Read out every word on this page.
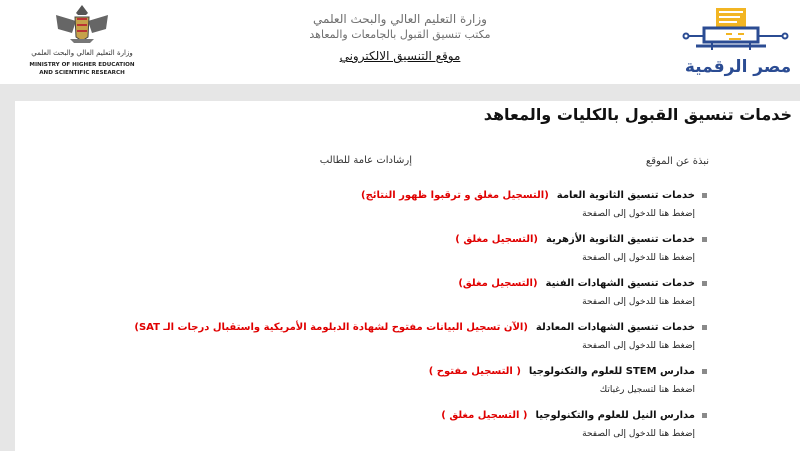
مصر الرقمية
وزارة التعليم العالي والبحث العلمي
MINISTRY OF HIGHER EDUCATION
AND SCIENTIFIC RESEARCH
وزارة التعليم العالي والبحث العلمي
مكتب تنسيق القبول بالجامعات والمعاهد
موقع التنسيق الالكتروني
خدمات تنسيق القبول بالكليات والمعاهد
نبذة عن الموقع
إرشادات عامة للطالب
خدمات تنسيق الثانوية العامة(التسجيل مغلق و ترقبوا ظهور النتائج)
إضغط هنا للدخول إلى الصفحة
خدمات تنسيق الثانوية الأزهرية(التسجيل مغلق )
إضغط هنا للدخول إلى الصفحة
خدمات تنسيق الشهادات الفنية(التسجيل مغلق)
إضغط هنا للدخول إلى الصفحة
خدمات تنسيق الشهادات المعادلة(الآن تسجيل البيانات مفتوح لشهادة الدبلومة الأمريكية واستقبال درجات الـ SAT)
إضغط هنا للدخول إلى الصفحة
مدارس STEM للعلوم والتكنولوجيا( التسجيل مفتوح )
اضغط هنا لتسجيل رغباتك
مدارس النيل للعلوم والتكنولوجيا( التسجيل مغلق )
إضغط هنا للدخول إلى الصفحة
